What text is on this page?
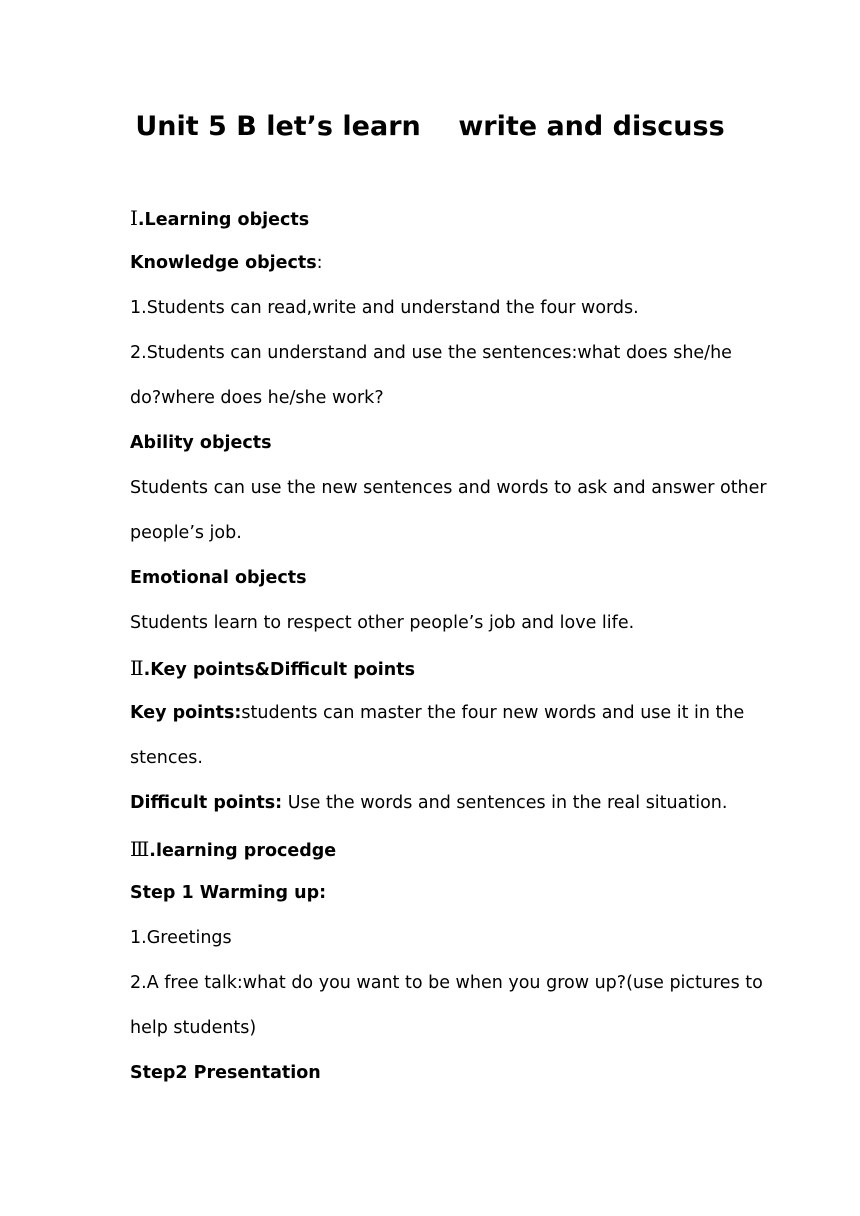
Unit 5 B let’s learn    write and discuss
Ⅰ.Learning objects
Knowledge objects:
1.Students can read,write and understand the four words.
2.Students can understand and use the sentences:what does she/he
do?where does he/she work?
Ability objects
Students can use the new sentences and words to ask and answer other
people’s job.
Emotional objects
Students learn to respect other people’s job and love life.
Ⅱ.Key points&Difficult points
Key points:students can master the four new words and use it in the
stences.
Difficult points: Use the words and sentences in the real situation.
Ⅲ.learning procedge
Step 1 Warming up:
1.Greetings
2.A free talk:what do you want to be when you grow up?(use pictures to
help students)
Step2 Presentation
